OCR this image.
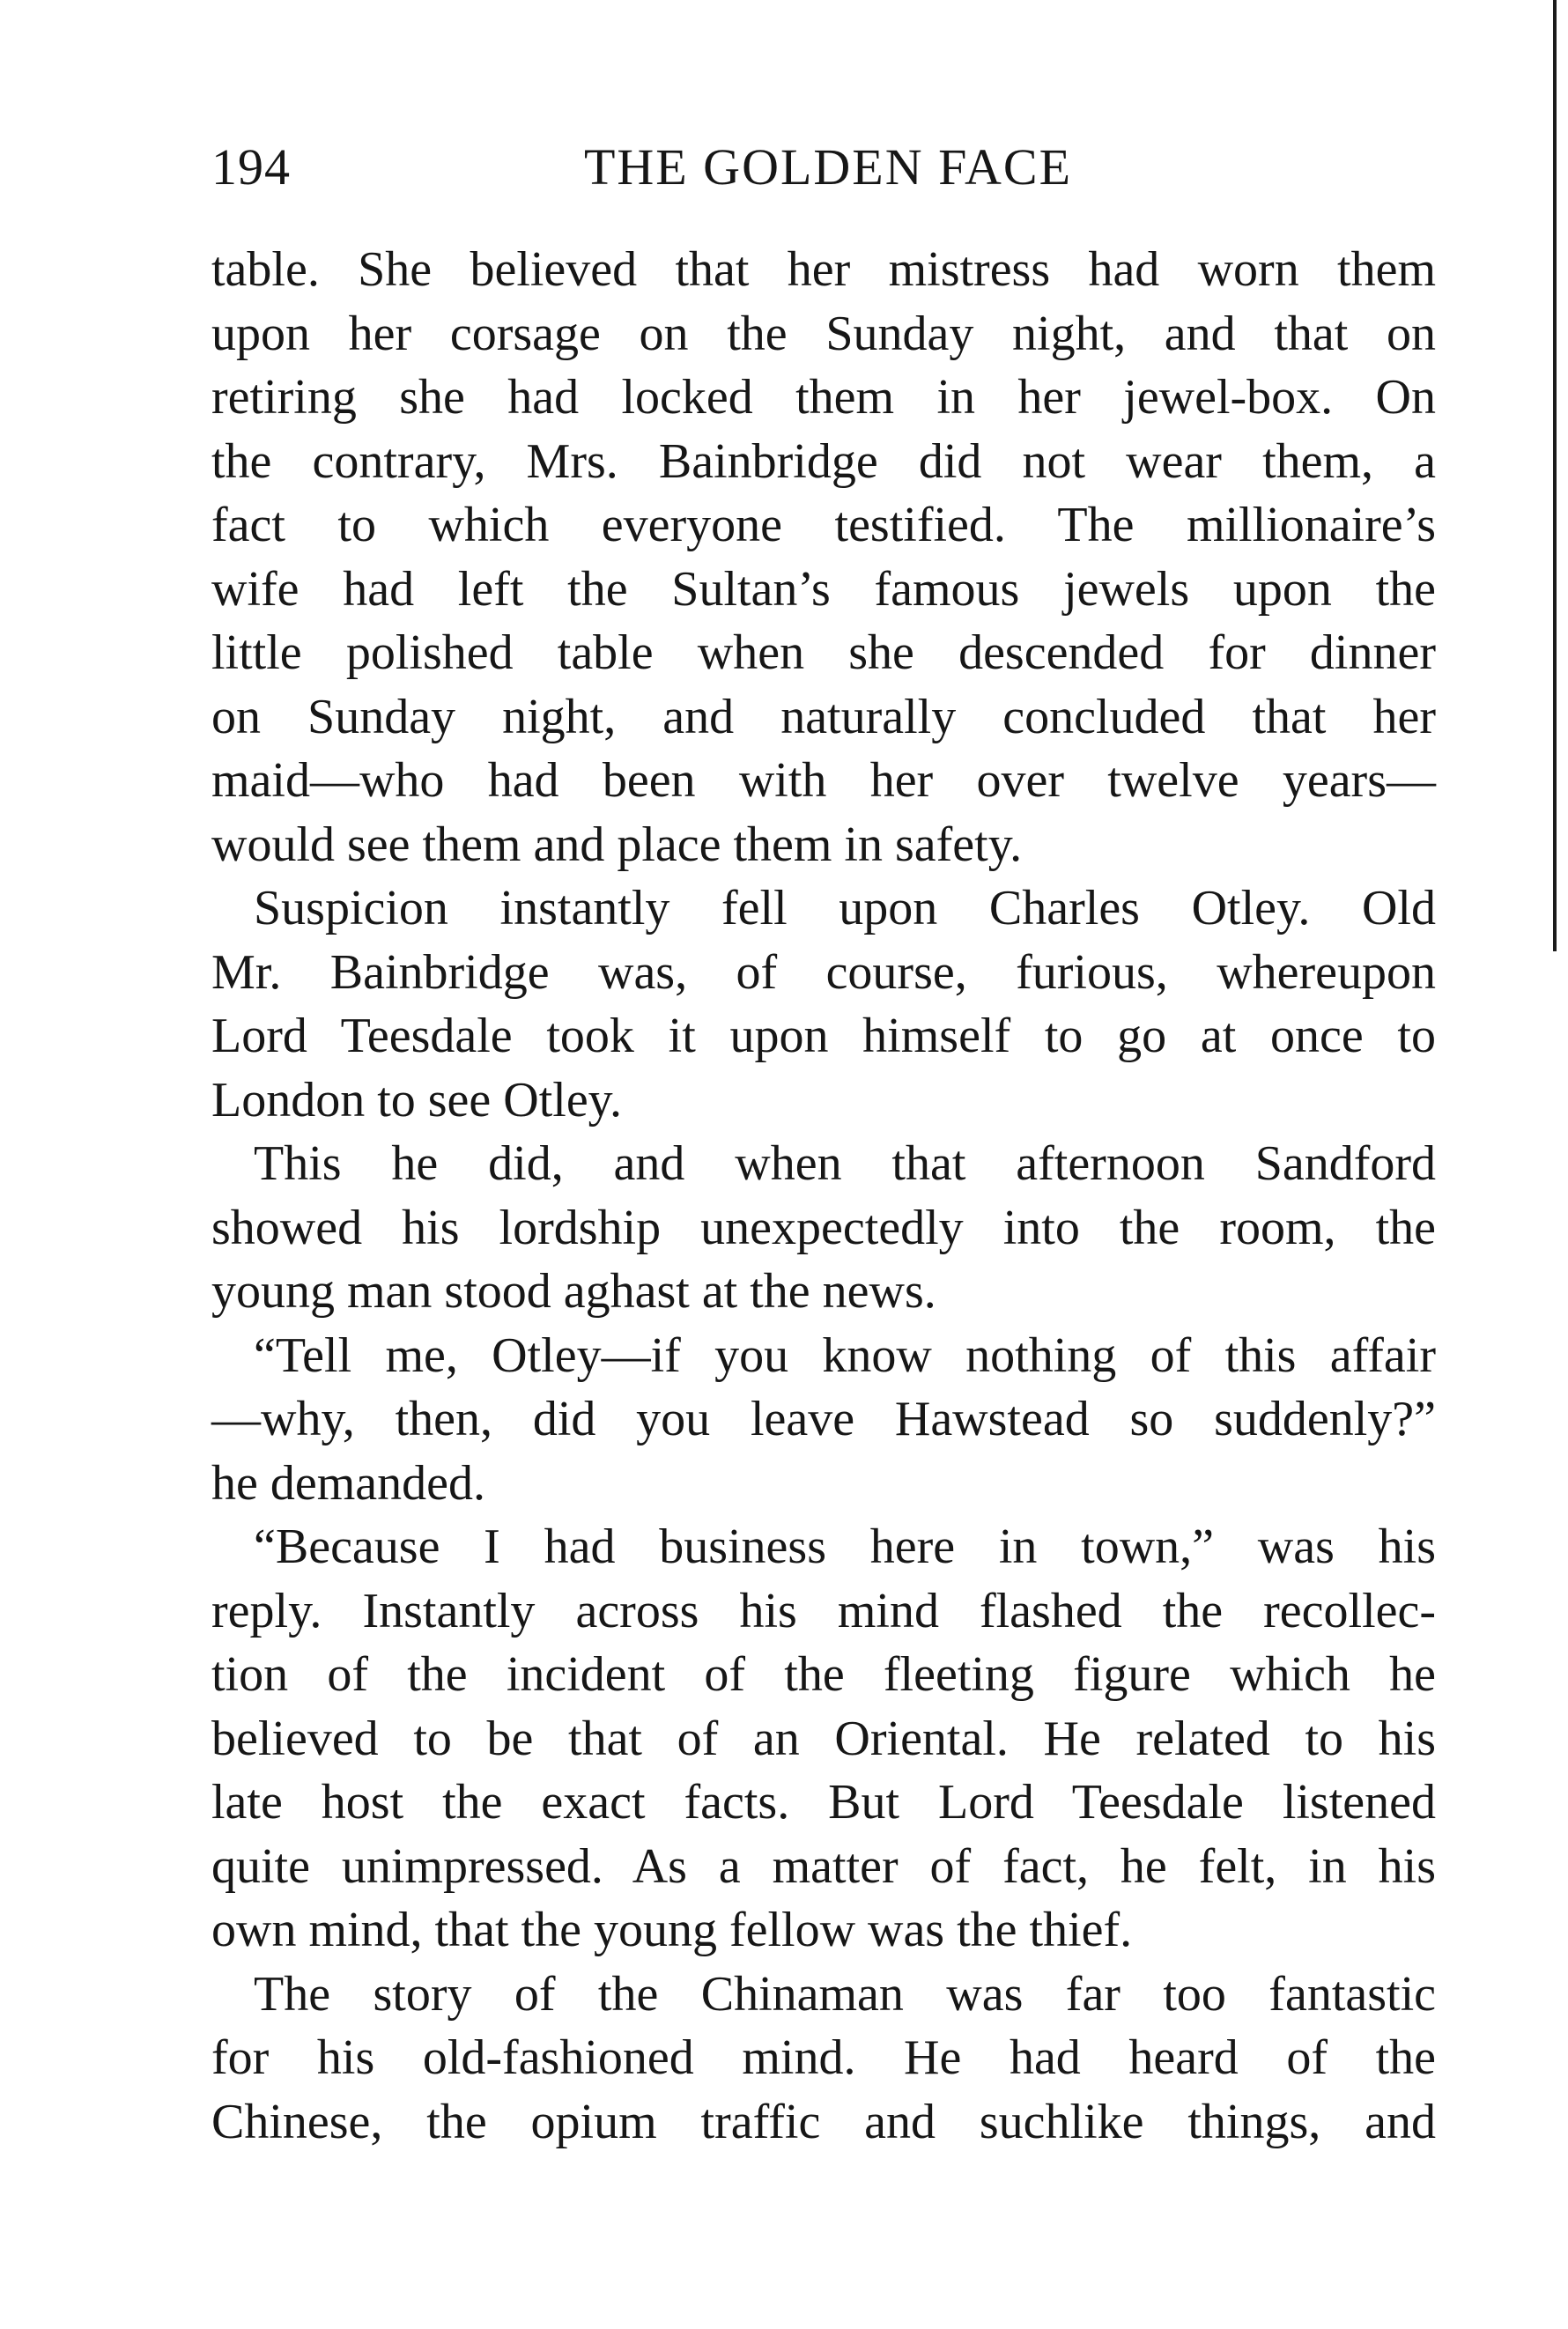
194	THE GOLDEN FACE
table. She believed that her mistress had worn them
upon her corsage on the Sunday night, and that on
retiring she had locked them in her jewel-box. On
the contrary, Mrs. Bainbridge did not wear them, a
fact to which everyone testified. The millionaire’s
wife had left the Sultan’s famous jewels upon the
little polished table when she descended for dinner
on Sunday night, and naturally concluded that her
maid—who had been with her over twelve years—
would see them and place them in safety.
Suspicion instantly fell upon Charles Otley. Old
Mr. Bainbridge was, of course, furious, whereupon
Lord Teesdale took it upon himself to go at once to
London to see Otley.
This he did, and when that afternoon Sandford
showed his lordship unexpectedly into the room, the
young man stood aghast at the news.
“Tell me, Otley—if you know nothing of this affair
—why, then, did you leave Hawstead so suddenly?”
he demanded.
“Because I had business here in town,” was his
reply. Instantly across his mind flashed the recollec-
tion of the incident of the fleeting figure which he
believed to be that of an Oriental. He related to his
late host the exact facts. But Lord Teesdale listened
quite unimpressed. As a matter of fact, he felt, in his
own mind, that the young fellow was the thief.
The story of the Chinaman was far too fantastic
for his old-fashioned mind. He had heard of the
Chinese, the opium traffic and suchlike things, and
